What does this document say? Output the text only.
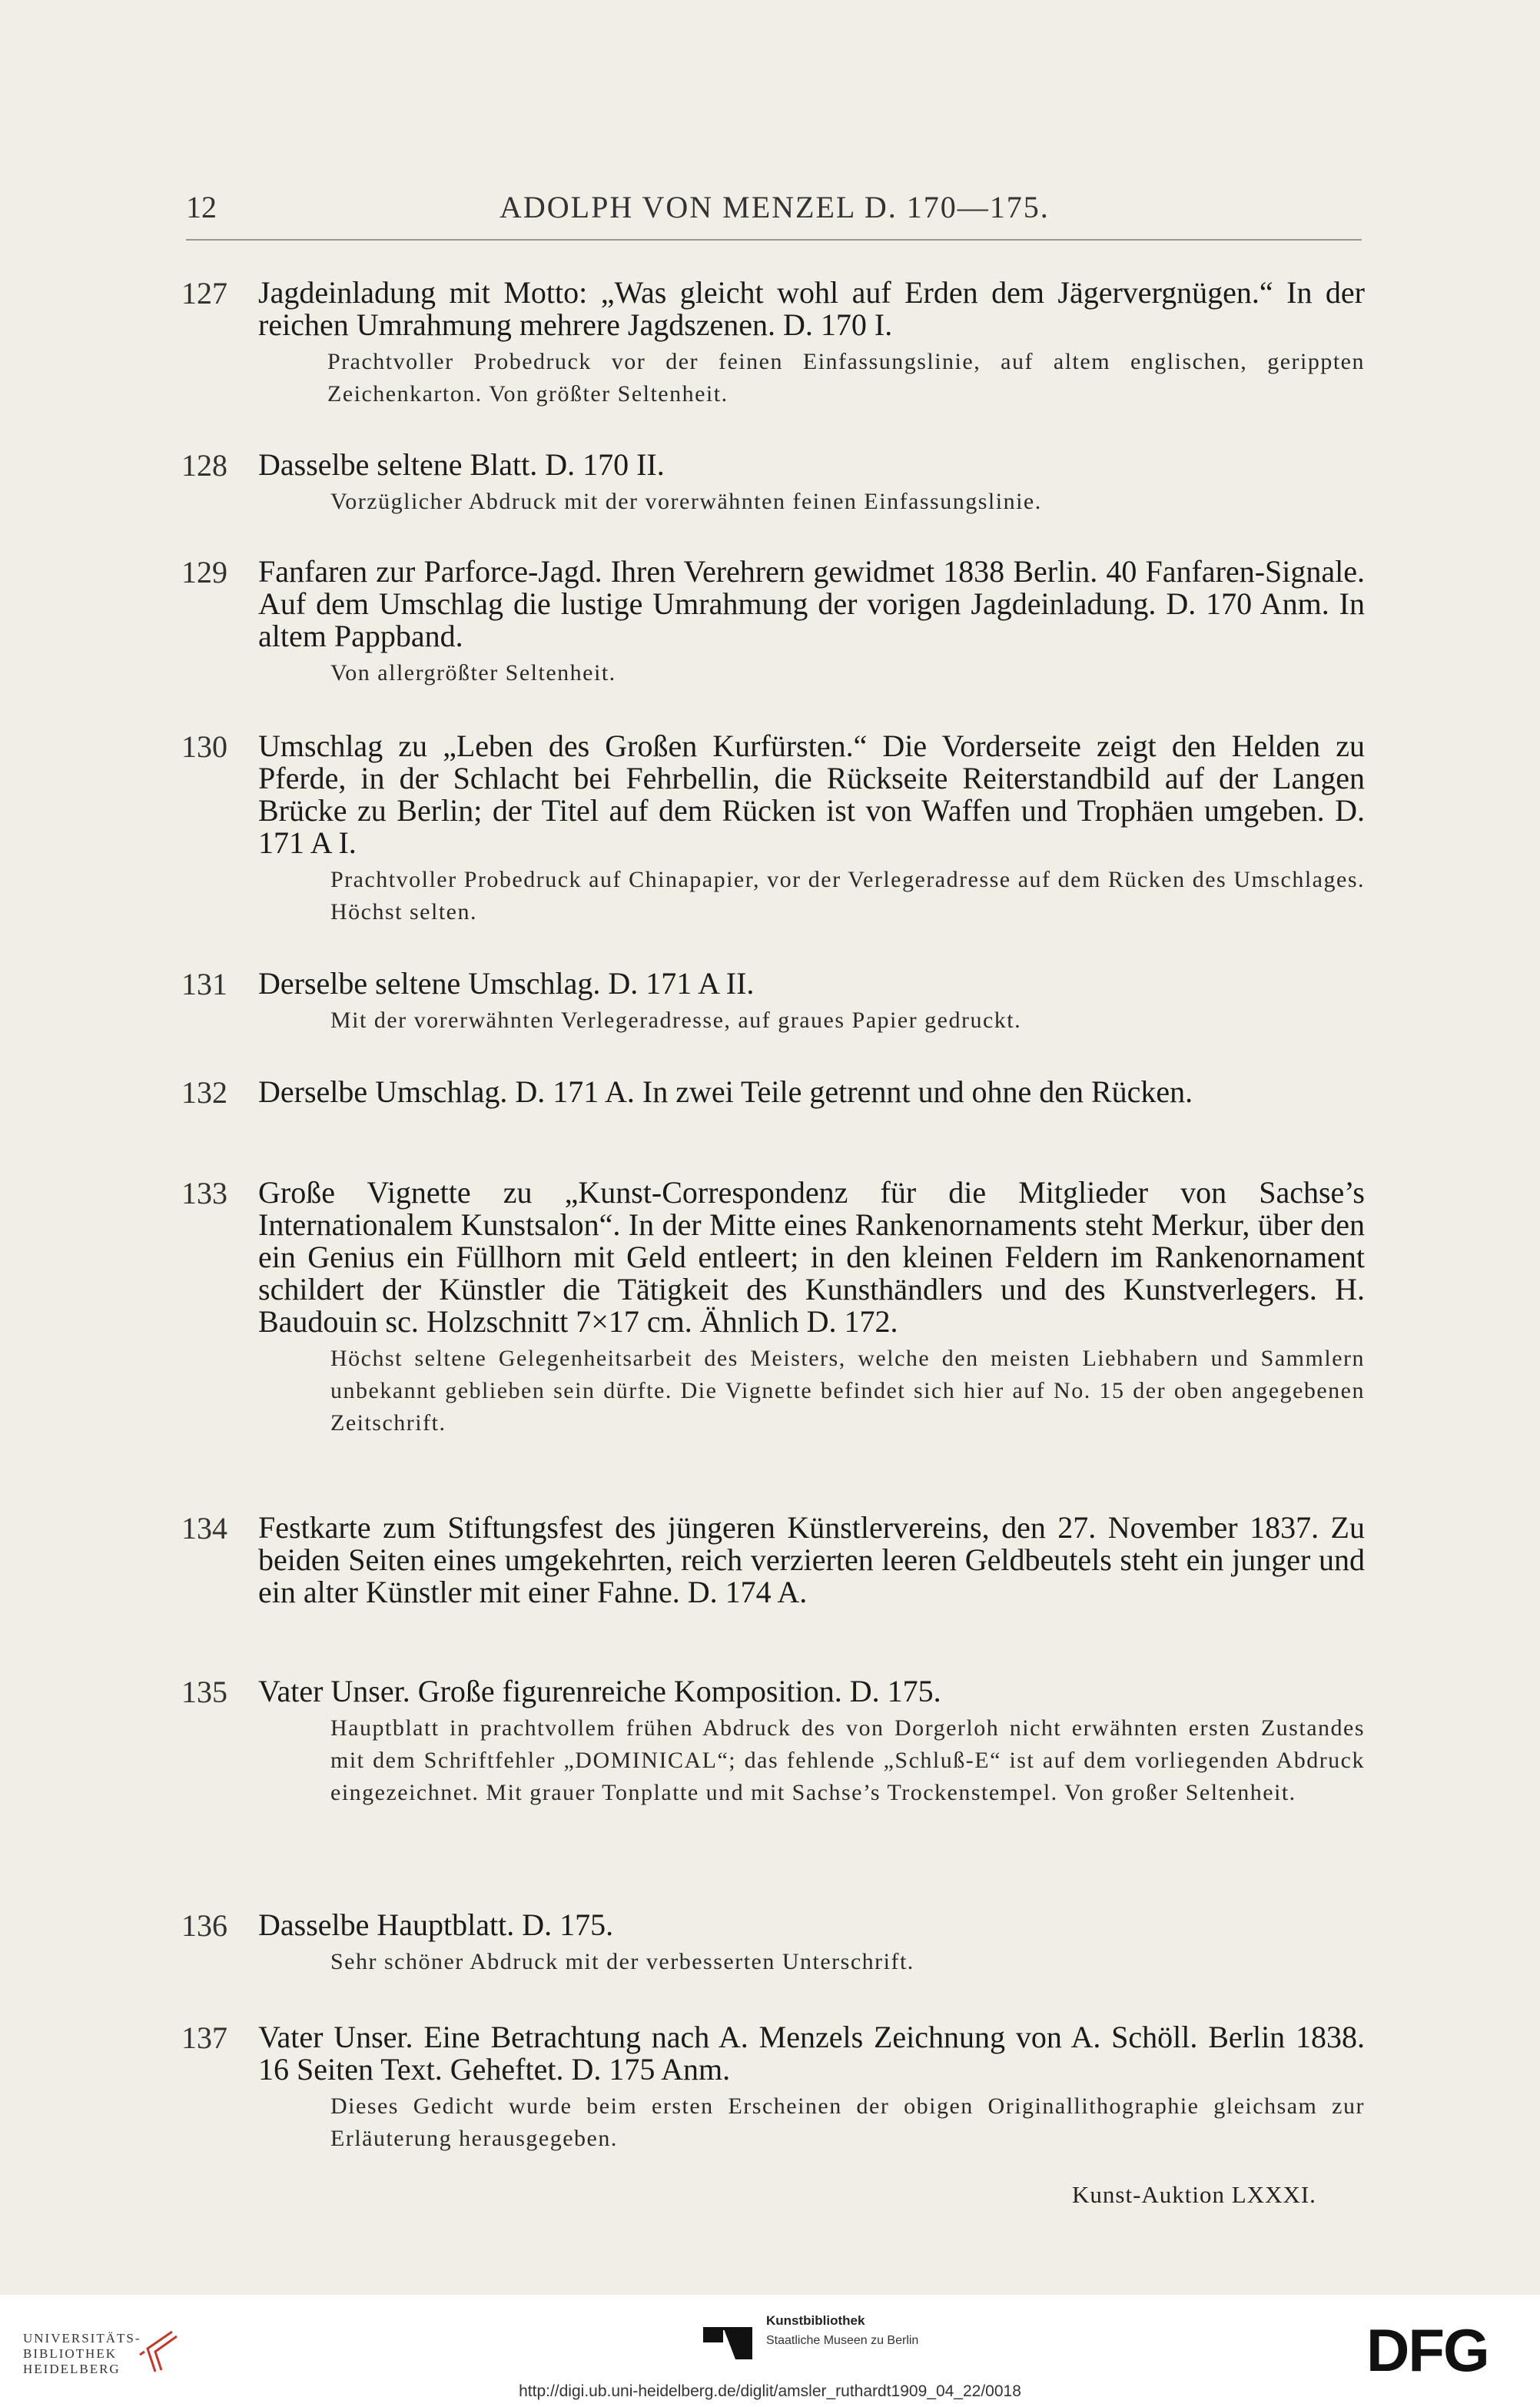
12	ADOLPH VON MENZEL D. 170—175.
127 Jagdeinladung mit Motto: „Was gleicht wohl auf Erden dem Jägervergnügen.“ In der reichen Umrahmung mehrere Jagdszenen. D. 170 I.
Prachtvoller Probedruck vor der feinen Einfassungslinie, auf altem englischen, gerippten Zeichenkarton. Von größter Seltenheit.
128 Dasselbe seltene Blatt. D. 170 II.
Vorzüglicher Abdruck mit der vorerwähnten feinen Einfassungslinie.
129 Fanfaren zur Parforce-Jagd. Ihren Verehrern gewidmet 1838 Berlin. 40 Fanfaren-Signale. Auf dem Umschlag die lustige Umrahmung der vorigen Jagdeinladung. D. 170 Anm. In altem Pappband.
Von allergrößter Seltenheit.
130 Umschlag zu „Leben des Großen Kurfürsten.“ Die Vorderseite zeigt den Helden zu Pferde, in der Schlacht bei Fehrbellin, die Rückseite Reiterstandbild auf der Langen Brücke zu Berlin; der Titel auf dem Rücken ist von Waffen und Trophäen umgeben. D. 171 A I.
Prachtvoller Probedruck auf Chinapapier, vor der Verlegeradresse auf dem Rücken des Umschlages. Höchst selten.
131 Derselbe seltene Umschlag. D. 171 A II.
Mit der vorerwähnten Verlegeradresse, auf graues Papier gedruckt.
132 Derselbe Umschlag. D. 171 A. In zwei Teile getrennt und ohne den Rücken.
133 Große Vignette zu „Kunst-Correspondenz für die Mitglieder von Sachse’s Internationalem Kunstsalon“. In der Mitte eines Rankenornaments steht Merkur, über den ein Genius ein Füllhorn mit Geld entleert; in den kleinen Feldern im Rankenornament schildert der Künstler die Tätigkeit des Kunsthändlers und des Kunstverlegers. H. Baudouin sc. Holzschnitt 7×17 cm. Ähnlich D. 172.
Höchst seltene Gelegenheitsarbeit des Meisters, welche den meisten Liebhabern und Sammlern unbekannt geblieben sein dürfte. Die Vignette befindet sich hier auf No. 15 der oben angegebenen Zeitschrift.
134 Festkarte zum Stiftungsfest des jüngeren Künstlervereins, den 27. November 1837. Zu beiden Seiten eines umgekehrten, reich verzierten leeren Geldbeutels steht ein junger und ein alter Künstler mit einer Fahne. D. 174 A.
135 Vater Unser. Große figurenreiche Komposition. D. 175.
Hauptblatt in prachtvollem frühen Abdruck des von Dorgerloh nicht erwähnten ersten Zustandes mit dem Schriftfehler „DOMINICAL“; das fehlende „Schluß-E“ ist auf dem vorliegenden Abdruck eingezeichnet. Mit grauer Tonplatte und mit Sachse’s Trockenstempel. Von großer Seltenheit.
136 Dasselbe Hauptblatt. D. 175.
Sehr schöner Abdruck mit der verbesserten Unterschrift.
137 Vater Unser. Eine Betrachtung nach A. Menzels Zeichnung von A. Schöll. Berlin 1838. 16 Seiten Text. Geheftet. D. 175 Anm.
Dieses Gedicht wurde beim ersten Erscheinen der obigen Originallithographie gleichsam zur Erläuterung herausgegeben.
Kunst-Auktion LXXXI.
UNIVERSITÄTS-
BIBLIOTHEK
HEIDELBERG
Kunstbibliothek
Staatliche Museen zu Berlin	DFG
http://digi.ub.uni-heidelberg.de/diglit/amsler_ruthardt1909_04_22/0018
